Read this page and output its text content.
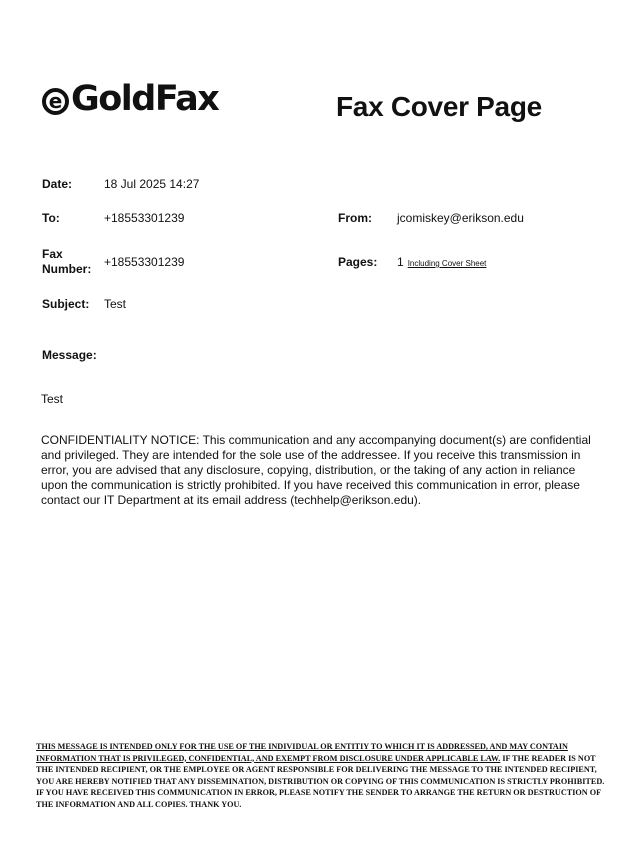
e GoldFax	Fax Cover Page
Date:	18 Jul 2025 14:27
To:	+18553301239	From: jcomiskey@erikson.edu
Fax
Number: +18553301239	Pages: 1 Including Cover Sheet
Subject: Test
Message:
Test
CONFIDENTIALITY NOTICE: This communication and any accompanying document(s) are confidential and privileged. They are intended for the sole use of the addressee. If you receive this transmission in error, you are advised that any disclosure, copying, distribution, or the taking of any action in reliance upon the communication is strictly prohibited. If you have received this communication in error, please contact our IT Department at its email address (techhelp@erikson.edu).
THIS MESSAGE IS INTENDED ONLY FOR THE USE OF THE INDIVIDUAL OR ENTITIY TO WHICH IT IS ADDRESSED, AND MAY CONTAIN INFORMATION THAT IS PRIVILEGED, CONFIDENTIAL, AND EXEMPT FROM DISCLOSURE UNDER APPLICABLE LAW. IF THE READER IS NOT THE INTENDED RECIPIENT, OR THE EMPLOYEE OR AGENT RESPONSIBLE FOR DELIVERING THE MESSAGE TO THE INTENDED RECIPIENT, YOU ARE HEREBY NOTIFIED THAT ANY DISSEMINATION, DISTRIBUTION OR COPYING OF THIS COMMUNICATION IS STRICTLY PROHIBITED. IF YOU HAVE RECEIVED THIS COMMUNICATION IN ERROR, PLEASE NOTIFY THE SENDER TO ARRANGE THE RETURN OR DESTRUCTION OF THE INFORMATION AND ALL COPIES. THANK YOU.
